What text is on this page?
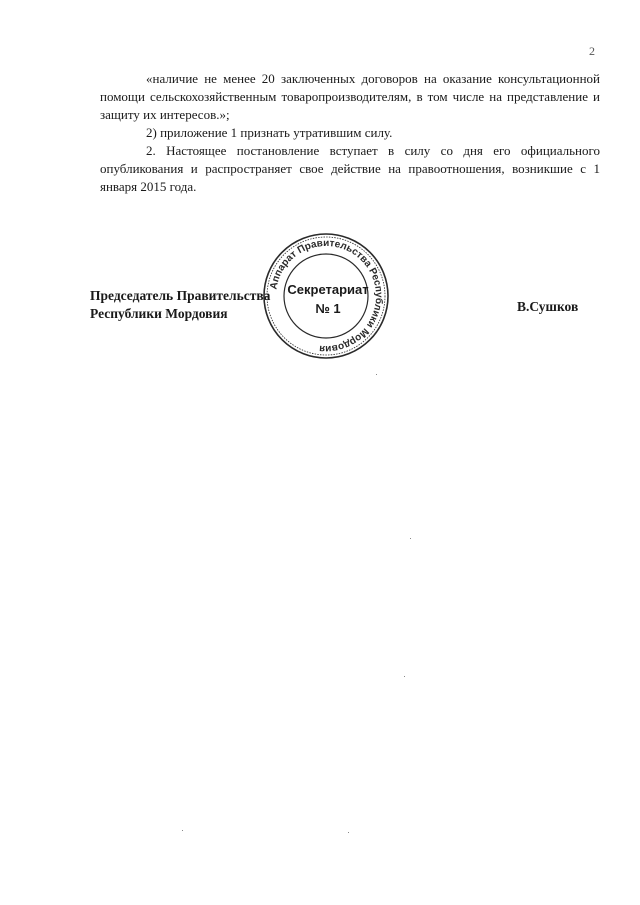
2

«наличие не менее 20 заключенных договоров на оказание консультационной помощи сельскохозяйственным товаропроизводителям, в том числе на представление и защиту их интересов.»;

2) приложение 1 признать утратившим силу.

2. Настоящее постановление вступает в силу со дня его официального опубликования и распространяет свое действие на правоотношения, возникшие с 1 января 2015 года.

Председатель Правительства
Республики Мордовия	В.Сушков
Аппарат Правительства Республики Мордовия
Секретариат
№ 1
